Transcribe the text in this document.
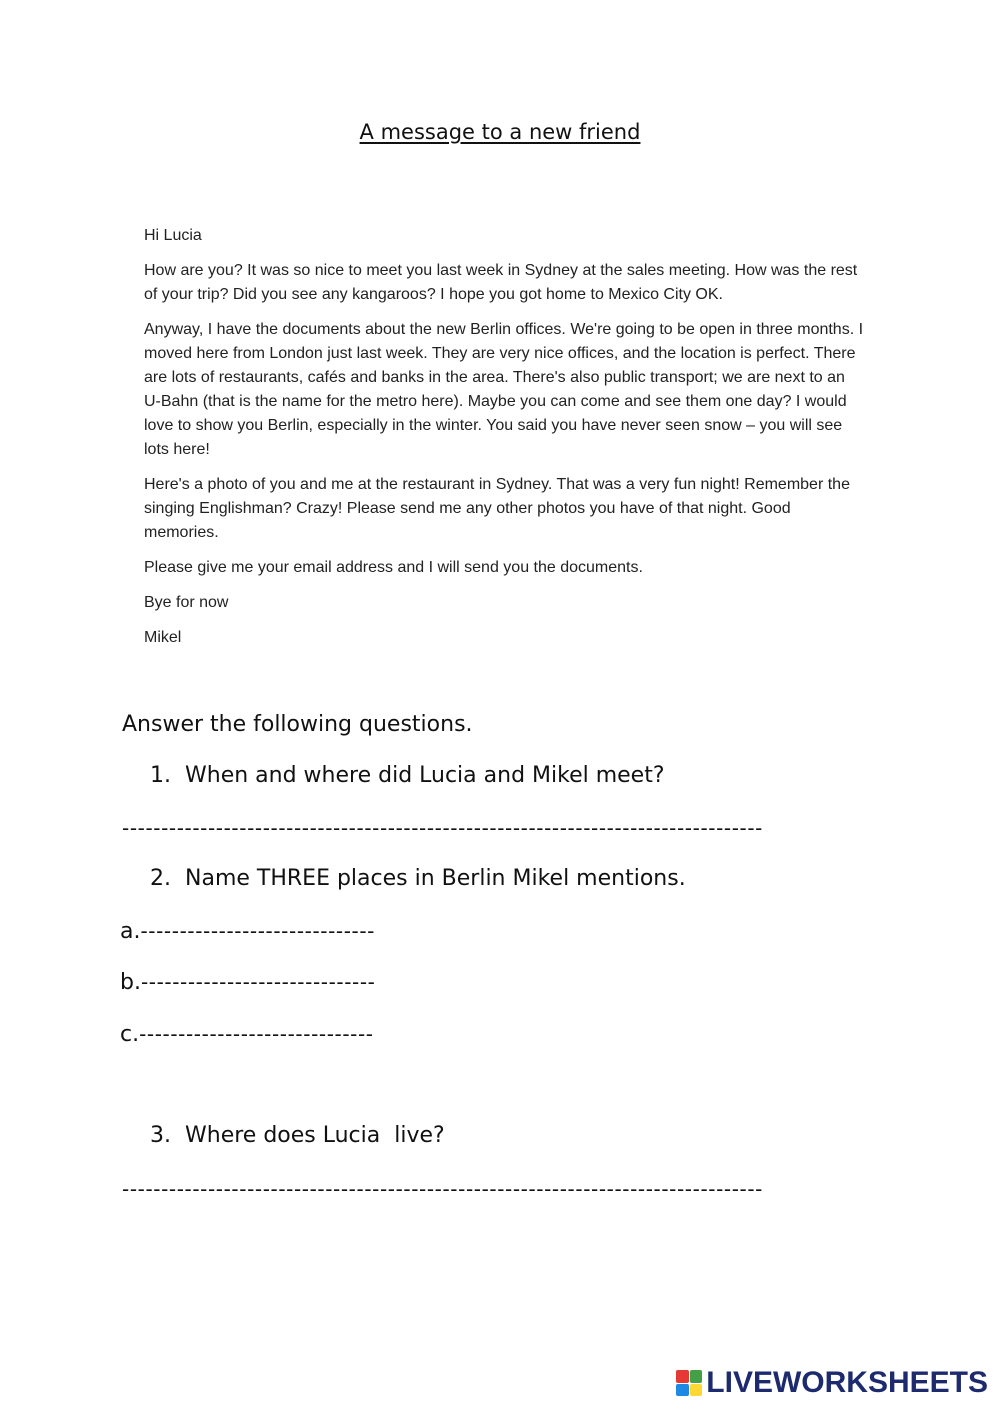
A message to a new friend

Hi Lucia

How are you? It was so nice to meet you last week in Sydney at the sales meeting. How was the rest of your trip? Did you see any kangaroos? I hope you got home to Mexico City OK.

Anyway, I have the documents about the new Berlin offices. We're going to be open in three months. I moved here from London just last week. They are very nice offices, and the location is perfect. There are lots of restaurants, cafés and banks in the area. There's also public transport; we are next to an U-Bahn (that is the name for the metro here). Maybe you can come and see them one day? I would love to show you Berlin, especially in the winter. You said you have never seen snow – you will see lots here!

Here's a photo of you and me at the restaurant in Sydney. That was a very fun night! Remember the singing Englishman? Crazy! Please send me any other photos you have of that night. Good memories.

Please give me your email address and I will send you the documents.

Bye for now

Mikel

Answer the following questions.
1. When and where did Lucia and Mikel meet?
----------------------------------------------------------------------------------
2. Name THREE places in Berlin Mikel mentions.
a.------------------------------
b.------------------------------
c.------------------------------
3. Where does Lucia  live?
----------------------------------------------------------------------------------
LIVEWORKSHEETS
